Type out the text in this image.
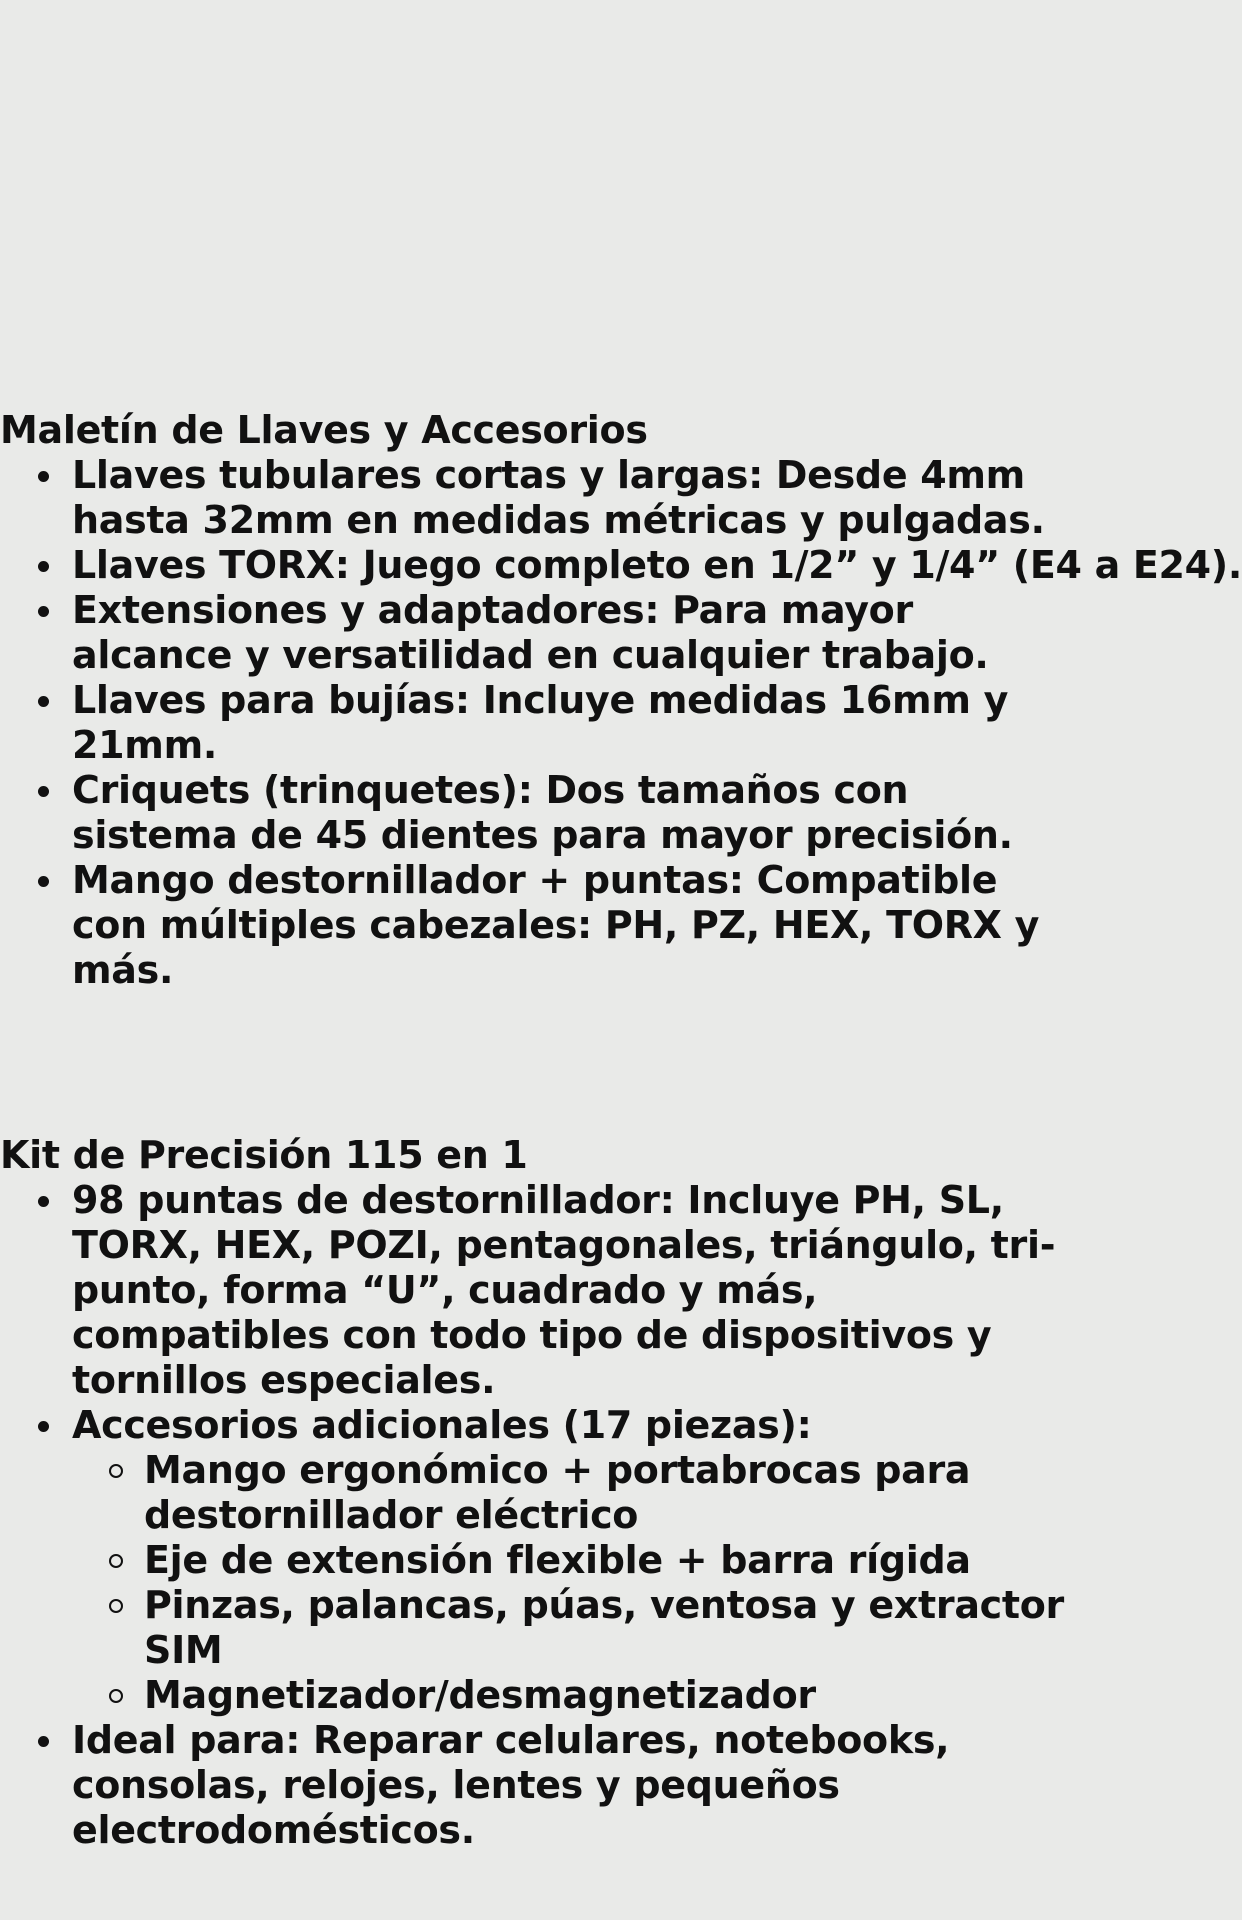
Maletín de Llaves y Accesorios
Llaves tubulares cortas y largas: Desde 4mm hasta 32mm en medidas métricas y pulgadas.
Llaves TORX: Juego completo en 1/2” y 1/4” (E4 a E24).
Extensiones y adaptadores: Para mayor alcance y versatilidad en cualquier trabajo.
Llaves para bujías: Incluye medidas 16mm y 21mm.
Criquets (trinquetes): Dos tamaños con sistema de 45 dientes para mayor precisión.
Mango destornillador + puntas: Compatible con múltiples cabezales: PH, PZ, HEX, TORX y más.
Kit de Precisión 115 en 1
98 puntas de destornillador: Incluye PH, SL, TORX, HEX, POZI, pentagonales, triángulo, tri-punto, forma “U”, cuadrado y más, compatibles con todo tipo de dispositivos y tornillos especiales.
Accesorios adicionales (17 piezas):
Mango ergonómico + portabrocas para destornillador eléctrico
Eje de extensión flexible + barra rígida
Pinzas, palancas, púas, ventosa y extractor SIM
Magnetizador/desmagnetizador
Ideal para: Reparar celulares, notebooks, consolas, relojes, lentes y pequeños electrodomésticos.
